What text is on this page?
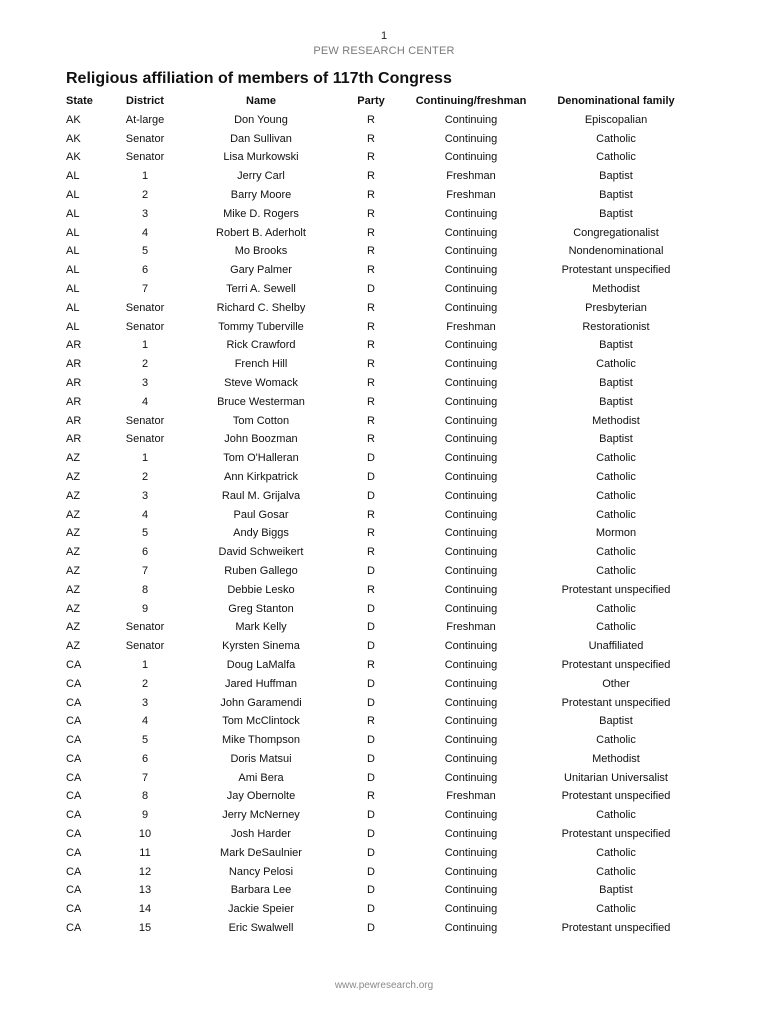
1
PEW RESEARCH CENTER
Religious affiliation of members of 117th Congress
State	District	Name	Party	Continuing/freshman	Denominational family
AK	At-large	Don Young	R	Continuing	Episcopalian
AK	Senator	Dan Sullivan	R	Continuing	Catholic
AK	Senator	Lisa Murkowski	R	Continuing	Catholic
AL	1	Jerry Carl	R	Freshman	Baptist
AL	2	Barry Moore	R	Freshman	Baptist
AL	3	Mike D. Rogers	R	Continuing	Baptist
AL	4	Robert B. Aderholt	R	Continuing	Congregationalist
AL	5	Mo Brooks	R	Continuing	Nondenominational
AL	6	Gary Palmer	R	Continuing	Protestant unspecified
AL	7	Terri A. Sewell	D	Continuing	Methodist
AL	Senator	Richard C. Shelby	R	Continuing	Presbyterian
AL	Senator	Tommy Tuberville	R	Freshman	Restorationist
AR	1	Rick Crawford	R	Continuing	Baptist
AR	2	French Hill	R	Continuing	Catholic
AR	3	Steve Womack	R	Continuing	Baptist
AR	4	Bruce Westerman	R	Continuing	Baptist
AR	Senator	Tom Cotton	R	Continuing	Methodist
AR	Senator	John Boozman	R	Continuing	Baptist
AZ	1	Tom O'Halleran	D	Continuing	Catholic
AZ	2	Ann Kirkpatrick	D	Continuing	Catholic
AZ	3	Raul M. Grijalva	D	Continuing	Catholic
AZ	4	Paul Gosar	R	Continuing	Catholic
AZ	5	Andy Biggs	R	Continuing	Mormon
AZ	6	David Schweikert	R	Continuing	Catholic
AZ	7	Ruben Gallego	D	Continuing	Catholic
AZ	8	Debbie Lesko	R	Continuing	Protestant unspecified
AZ	9	Greg Stanton	D	Continuing	Catholic
AZ	Senator	Mark Kelly	D	Freshman	Catholic
AZ	Senator	Kyrsten Sinema	D	Continuing	Unaffiliated
CA	1	Doug LaMalfa	R	Continuing	Protestant unspecified
CA	2	Jared Huffman	D	Continuing	Other
CA	3	John Garamendi	D	Continuing	Protestant unspecified
CA	4	Tom McClintock	R	Continuing	Baptist
CA	5	Mike Thompson	D	Continuing	Catholic
CA	6	Doris Matsui	D	Continuing	Methodist
CA	7	Ami Bera	D	Continuing	Unitarian Universalist
CA	8	Jay Obernolte	R	Freshman	Protestant unspecified
CA	9	Jerry McNerney	D	Continuing	Catholic
CA	10	Josh Harder	D	Continuing	Protestant unspecified
CA	11	Mark DeSaulnier	D	Continuing	Catholic
CA	12	Nancy Pelosi	D	Continuing	Catholic
CA	13	Barbara Lee	D	Continuing	Baptist
CA	14	Jackie Speier	D	Continuing	Catholic
CA	15	Eric Swalwell	D	Continuing	Protestant unspecified
www.pewresearch.org
